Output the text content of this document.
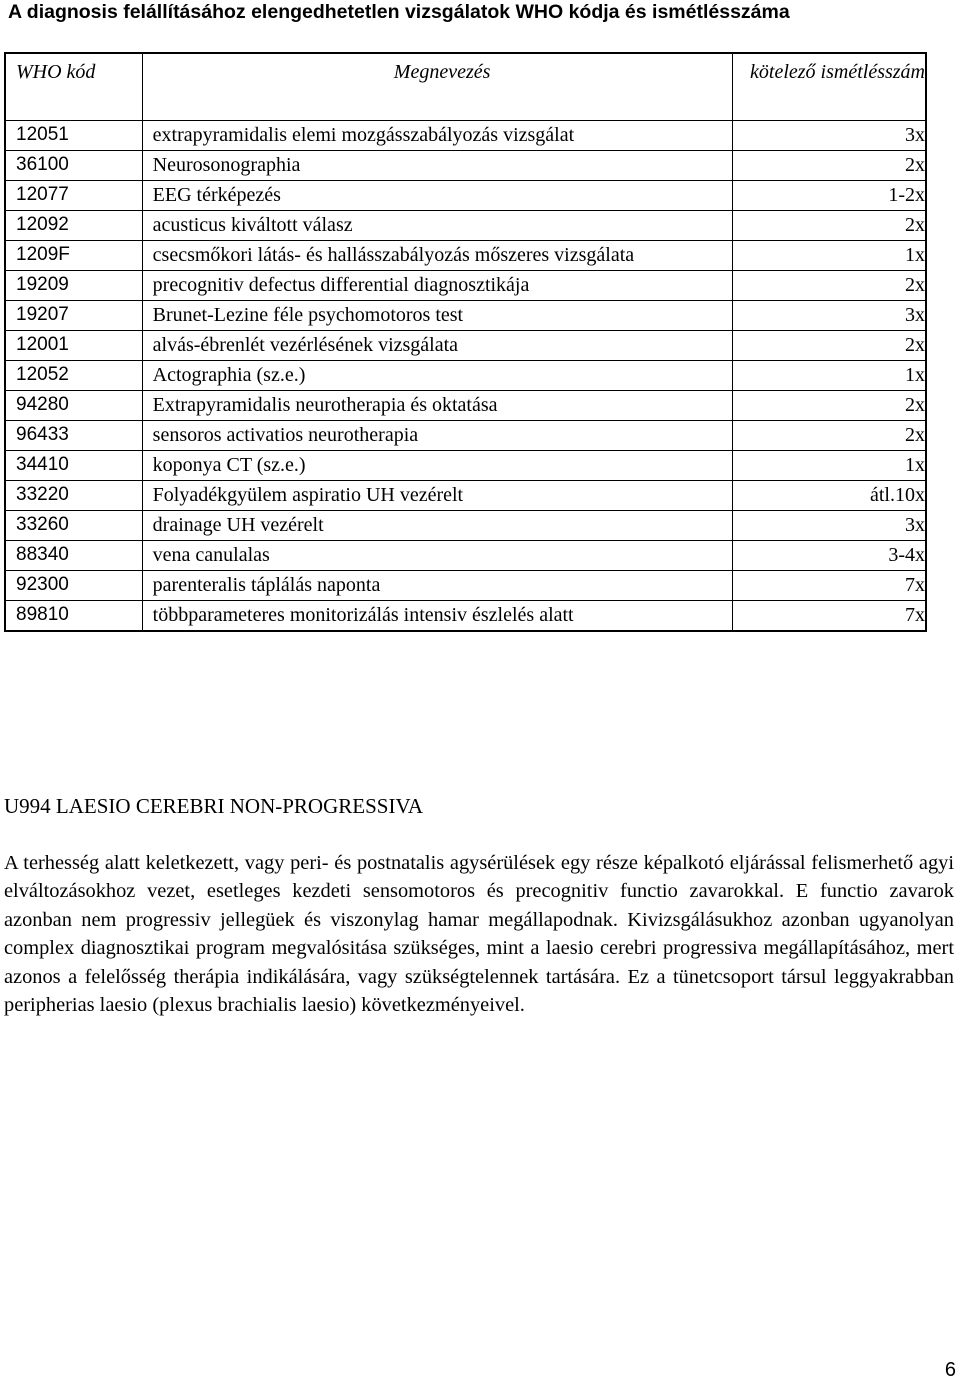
A diagnosis felállításához elengedhetetlen vizsgálatok WHO kódja és ismétlésszáma
WHO kód	Megnevezés	kötelező ismétlésszám
12051	extrapyramidalis elemi mozgásszabályozás vizsgálat	3x
36100	Neurosonographia	2x
12077	EEG térképezés	1-2x
12092	acusticus kiváltott válasz	2x
1209F	csecsmőkori látás- és hallásszabályozás mőszeres vizsgálata	1x
19209	precognitiv defectus differential diagnosztikája	2x
19207	Brunet-Lezine féle psychomotoros test	3x
12001	alvás-ébrenlét vezérlésének vizsgálata	2x
12052	Actographia (sz.e.)	1x
94280	Extrapyramidalis neurotherapia és oktatása	2x
96433	sensoros activatios neurotherapia	2x
34410	koponya CT (sz.e.)	1x
33220	Folyadékgyülem aspiratio UH vezérelt	átl.10x
33260	drainage UH vezérelt	3x
88340	vena canulalas	3-4x
92300	parenteralis táplálás naponta	7x
89810	többparameteres monitorizálás intensiv észlelés alatt	7x
U994 LAESIO CEREBRI NON-PROGRESSIVA
A terhesség alatt keletkezett, vagy peri- és postnatalis agysérülések egy része képalkotó eljárással felismerhető agyi elváltozásokhoz vezet, esetleges kezdeti sensomotoros és precognitiv functio zavarokkal. E functio zavarok azonban nem progressiv jellegüek és viszonylag hamar megállapodnak. Kivizsgálásukhoz azonban ugyanolyan complex diagnosztikai program megvalósitása szükséges, mint a laesio cerebri progressiva megállapításához, mert azonos a felelősség therápia indikálására, vagy szükségtelennek tartására. Ez a tünetcsoport társul leggyakrabban peripherias laesio (plexus brachialis laesio) következményeivel.
6
